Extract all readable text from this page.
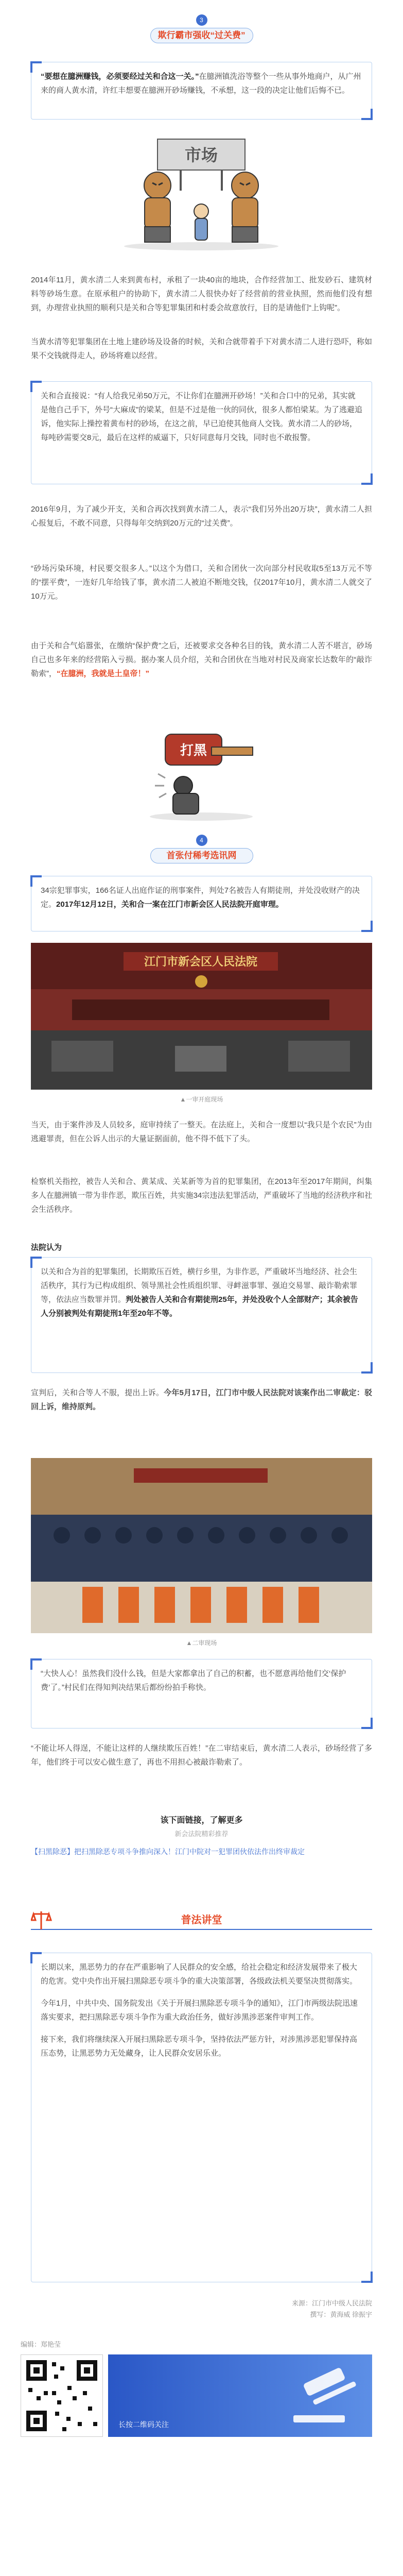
3
欺行霸市强收“过关费”
“要想在臆洲赚钱，必须要经过关和合这一关。”在臆洲镇洗浴等整个一些从事外地商户，从广州来的商人黄水清，许红丰想要在臆洲开砂场赚钱，不承想，这一段的决定让他们后悔不已。
市场
2014年11月，黄水清二人来到黄布村，承租了一块40亩的地块，合作经营加工、批发砂石、建筑材料等砂场生意。在原承租户的协助下，黄水清二人很快办好了经营前的营业执照，然而他们没有想到，办理营业执照的顺利只是关和合等犯罪集团和村委会故意放行，目的是请他们“上钩呢”。
当黄水清等犯罪集团在土地上建砂场及设备的时候，关和合就带着手下对黄水清二人进行恐吓，称如果不交钱就得走人，砂场将难以经营。
关和合直接说：“有人给我兄弟50万元，不让你们在臆洲开砂场！”关和合口中的兄弟，其实就是他自己手下，外号“大麻成”的梁某，但是不过是他一伙的同伙，很多人都怕梁某。为了逃避追诉，他实际上操控着黄布村的砂场，在这之前，早已迫使其他商人交钱。黄水清二人的砂场，每吨砂需要交8元，最后在这样的威逼下，只好同意每月交钱，同时也不敢报警。
2016年9月，为了减少开支，关和合再次找到黄水清二人，表示“我们另外出20万块”，黄水清二人担心报复后，不敢不同意，只得每年交纳到20万元的“过关费”。
“砂场污染环境，村民要交很多人。”以这个为借口，关和合团伙一次向部分村民收取5至13万元不等的“摆平费”，一连好几年给钱了事，黄水清二人被迫不断地交钱，仅2017年10月，黄水清二人就交了10万元。
由于关和合气焰嚣张，在缴纳“保护费”之后，还被要求交各种名目的钱，黄水清二人苦不堪言，砂场自己也多年来的经营陷入亏损。据办案人员介绍，关和合团伙在当地对村民及商家长达数年的“敲诈勒索”，“在臆洲，我就是土皇帝！”
打黑
4
首张付稀考选讯网
34宗犯罪事实，166名证人出庭作证的刑事案件，判处7名被告人有期徒刑，并处没收财产的决定。2017年12月12日，关和合一案在江门市新会区人民法院开庭审理。
江门市新会区人民法院
▲一审开庭现场
当天，由于案件涉及人员较多，庭审持续了一整天。在法庭上，关和合一度想以“我只是个农民”为由逃避罪责，但在公诉人出示的大量证据面前，他不得不低下了头。
检察机关指控，被告人关和合、黄某成、关某新等为首的犯罪集团，在2013年至2017年期间，纠集多人在臆洲镇一带为非作恶，欺压百姓，共实施34宗违法犯罪活动，严重破坏了当地的经济秩序和社会生活秩序。
法院认为
以关和合为首的犯罪集团，长期欺压百姓，横行乡里，为非作恶，严重破坏当地经济、社会生活秩序，其行为已构成组织、领导黑社会性质组织罪、寻衅滋事罪、强迫交易罪、敲诈勒索罪等，依法应当数罪并罚。判处被告人关和合有期徒刑25年，并处没收个人全部财产；其余被告人分别被判处有期徒刑1年至20年不等。
宣判后，关和合等人不服，提出上诉。今年5月17日，江门市中级人民法院对该案作出二审裁定：驳回上诉，维持原判。
▲二审现场
“大快人心！虽然我们没什么钱，但是大家都拿出了自己的积蓄，也不愿意再给他们交‘保护费’了。”村民们在得知判决结果后都纷纷拍手称快。
“不能让坏人得逞，不能让这样的人继续欺压百姓！”在二审结束后，黄水清二人表示，砂场经营了多年，他们终于可以安心做生意了，再也不用担心被敲诈勒索了。
该下面链接，了解更多
新会法院精彩推荐
【扫黑除恶】把扫黑除恶专项斗争推向深入！江门中院对一犯罪团伙依法作出终审裁定
普法讲堂

长期以来，黑恶势力的存在严重影响了人民群众的安全感，给社会稳定和经济发展带来了极大的危害。党中央作出开展扫黑除恶专项斗争的重大决策部署，各级政法机关要坚决贯彻落实。

今年1月，中共中央、国务院发出《关于开展扫黑除恶专项斗争的通知》，江门市两级法院迅速落实要求，把扫黑除恶专项斗争作为重大政治任务，做好涉黑涉恶案件审判工作。

接下来，我们将继续深入开展扫黑除恶专项斗争，坚持依法严惩方针，对涉黑涉恶犯罪保持高压态势，让黑恶势力无处藏身，让人民群众安居乐业。

来源：江门市中级人民法院
撰写：黄海威 徐振宇
编辑：郑艳莹
长按二维码关注
